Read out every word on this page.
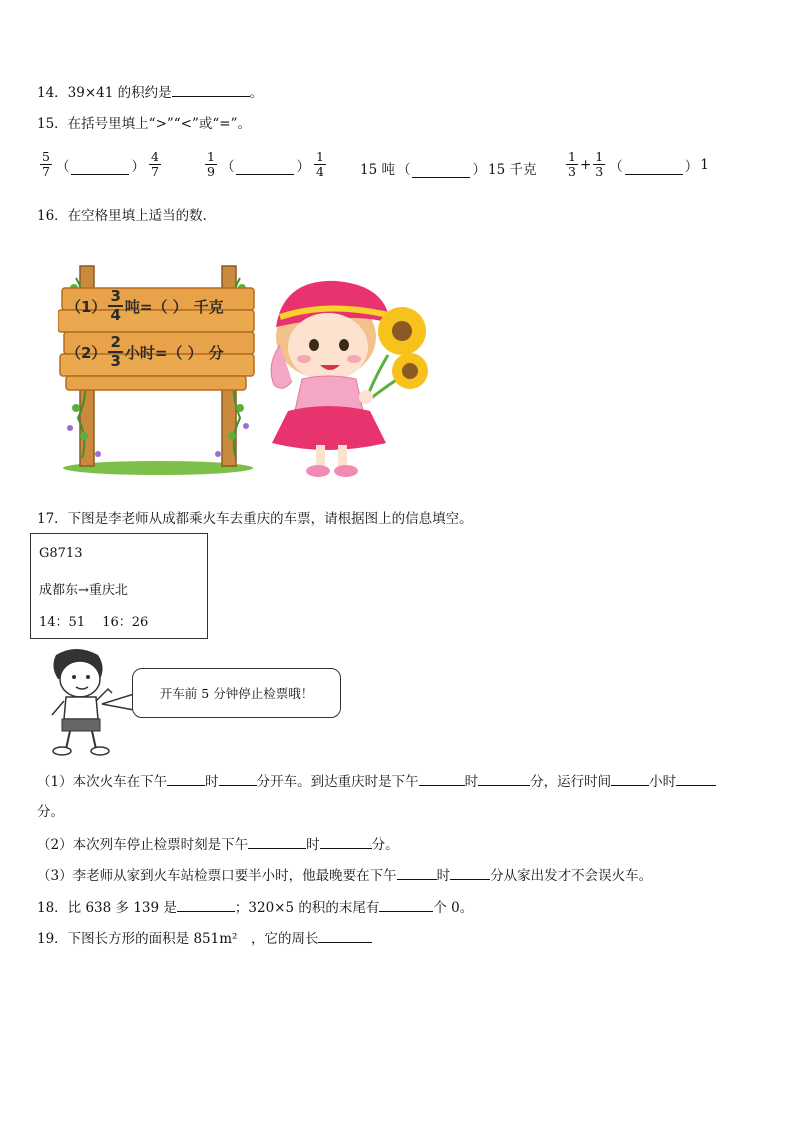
14．39×41 的积约是	。
15．在括号里填上“>”“<”或“=”。
$\frac{5}{7}$ （	） $\frac{4}{7}$	$\frac{1}{9}$ （	） $\frac{1}{4}$	15 吨 （	） 15 千克 $\frac{1}{3} + \frac{1}{3}$ （	） 1
16．在空格里填上适当的数．
$(1) \frac{3}{4}$ 吨=（ ） 千克
$(2) \frac{2}{3}$ 小时=（ ） 分
17．下图是李老师从成都乘火车去重庆的车票，请根据图上的信息填空。
G8713
成都东→重庆北
14：51　 16：26
开车前 5 分钟停止检票哦！
（1）本次火车在下午	时	分开车。到达重庆时是下午	时	分，运行时间	小时
分。
（2）本次列车停止检票时刻是下午	时	分。
（3）李老师从家到火车站检票口要半小时，他最晚要在下午	时	分从家出发才不会误火车。
18．比 638 多 139 是	；320×5 的积的末尾有	个 0。
19．下图长方形的面积是 851m²　，它的周长
